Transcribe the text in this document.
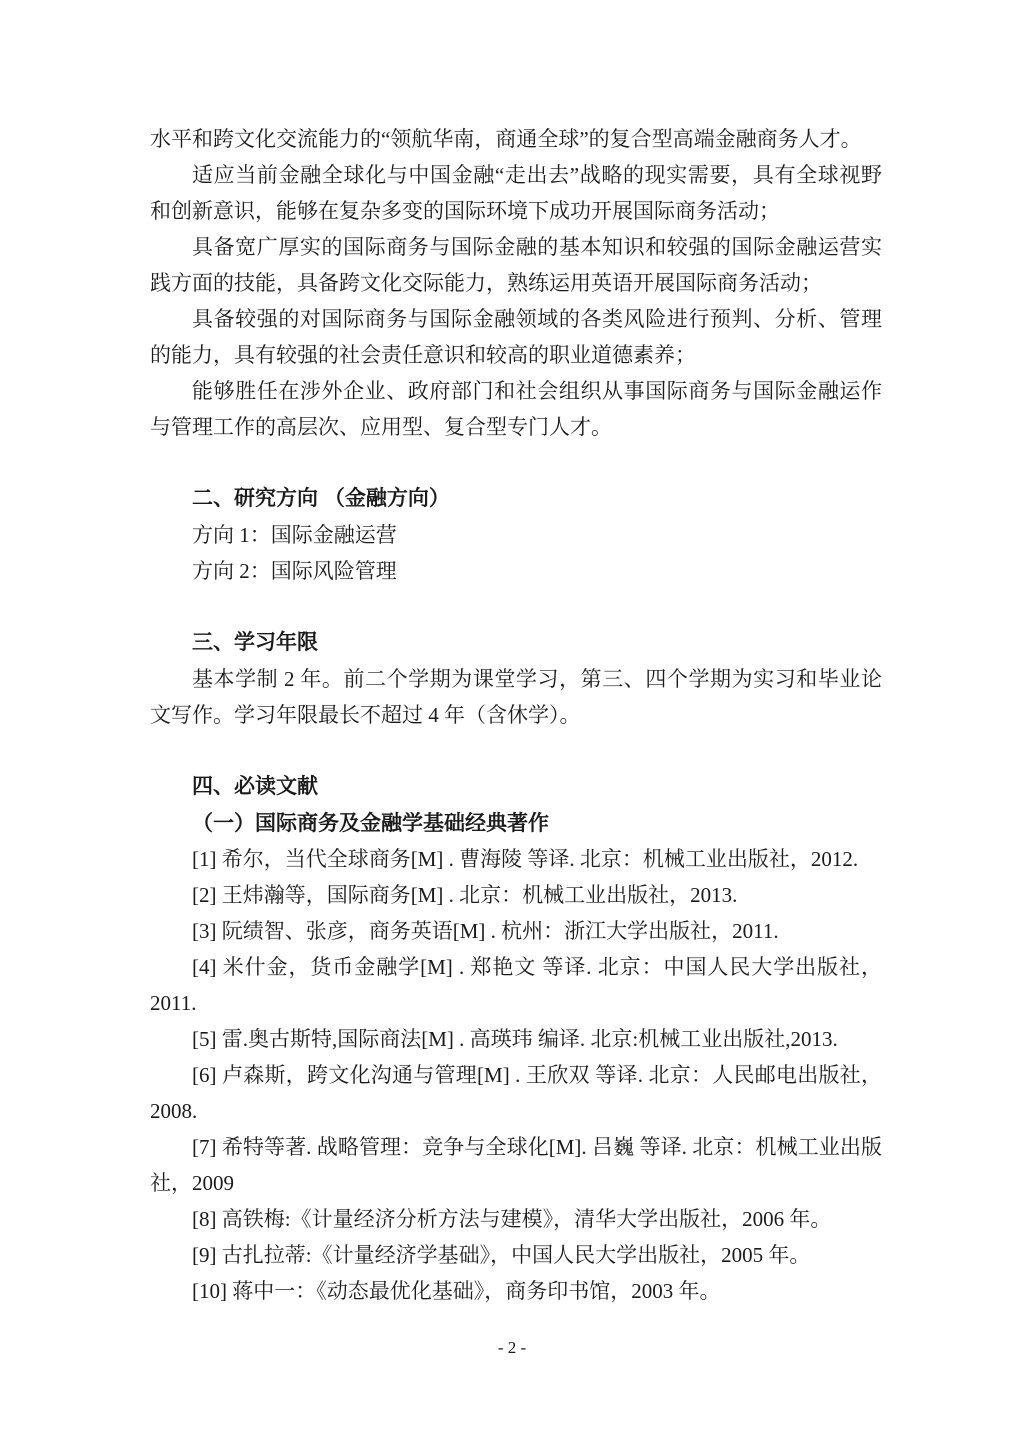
水平和跨文化交流能力的“领航华南，商通全球”的复合型高端金融商务人才。

适应当前金融全球化与中国金融“走出去”战略的现实需要，具有全球视野和创新意识，能够在复杂多变的国际环境下成功开展国际商务活动；

具备宽广厚实的国际商务与国际金融的基本知识和较强的国际金融运营实践方面的技能，具备跨文化交际能力，熟练运用英语开展国际商务活动；

具备较强的对国际商务与国际金融领域的各类风险进行预判、分析、管理的能力，具有较强的社会责任意识和较高的职业道德素养；

能够胜任在涉外企业、政府部门和社会组织从事国际商务与国际金融运作与管理工作的高层次、应用型、复合型专门人才。

二、研究方向 （金融方向）

方向 1：国际金融运营

方向 2：国际风险管理

三、学习年限

基本学制 2 年。前二个学期为课堂学习，第三、四个学期为实习和毕业论文写作。学习年限最长不超过 4 年（含休学）。

四、必读文献
（一）国际商务及金融学基础经典著作

[1] 希尔，当代全球商务[M] . 曹海陵 等译. 北京：机械工业出版社，2012.

[2] 王炜瀚等，国际商务[M] . 北京：机械工业出版社，2013.

[3] 阮绩智、张彦，商务英语[M] . 杭州：浙江大学出版社，2011.

[4] 米什金，货币金融学[M] . 郑艳文 等译. 北京：中国人民大学出版社，2011.

[5] 雷.奥古斯特,国际商法[M] . 高瑛玮 编译. 北京:机械工业出版社,2013.

[6] 卢森斯，跨文化沟通与管理[M] . 王欣双 等译. 北京：人民邮电出版社，2008.

[7] 希特等著. 战略管理：竞争与全球化[M]. 吕巍 等译. 北京：机械工业出版社，2009

[8] 高铁梅:《计量经济分析方法与建模》，清华大学出版社，2006 年。

[9] 古扎拉蒂:《计量经济学基础》，中国人民大学出版社，2005 年。

[10] 蒋中一：《动态最优化基础》，商务印书馆，2003 年。

- 2 -
